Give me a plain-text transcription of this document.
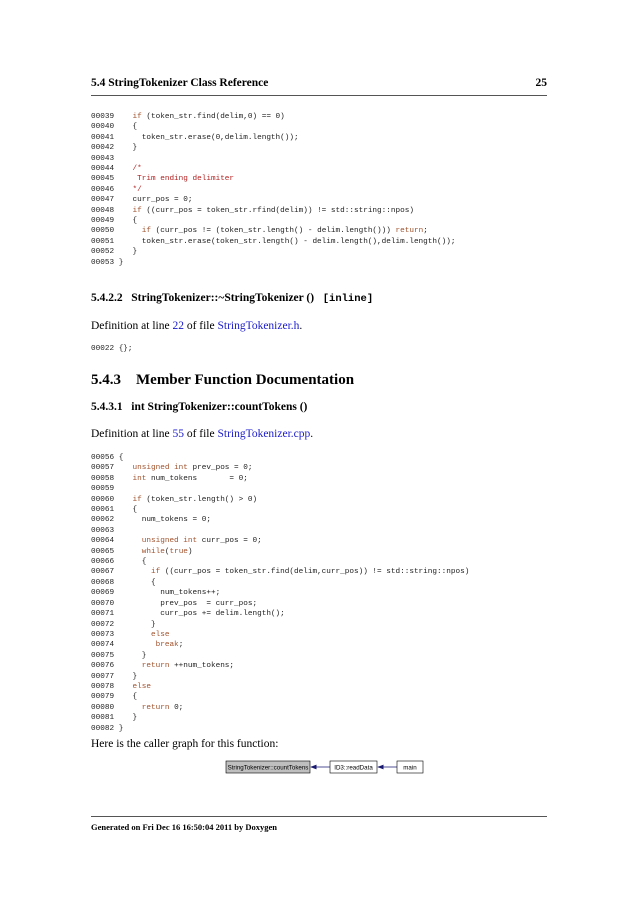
5.4 StringTokenizer Class Reference	25
00039 if (token_str.find(delim,0) == 0)
00040    {
00041      token_str.erase(0,delim.length());
00042    }
00043
00044 /*
00045	Trim ending delimiter
00046 */
00047    curr_pos = 0;
00048 if ((curr_pos = token_str.rfind(delim)) != std::string::npos)
00049    {
00050	if (curr_pos != (token_str.length() - delim.length())) return;
00051      token_str.erase(token_str.length() - delim.length(),delim.length());
00052    }
00053 }
5.4.2.2 StringTokenizer::~StringTokenizer () [inline]
Definition at line 22 of file StringTokenizer.h.
00022 {};
5.4.3 Member Function Documentation
5.4.3.1 int StringTokenizer::countTokens ()
Definition at line 55 of file StringTokenizer.cpp.
00056 {
00057 unsigned int prev_pos = 0;
00058 int num_tokens       = 0;
00059
00060 if (token_str.length() > 0)
00061    {
00062      num_tokens = 0;
00063
00064	unsigned int curr_pos = 0;
00065	while(true)
00066      {
00067	if ((curr_pos = token_str.find(delim,curr_pos)) != std::string::npos)
00068        {
00069          num_tokens++;
00070          prev_pos  = curr_pos;
00071          curr_pos += delim.length();
00072        }
00073	else
00074	break;
00075      }
00076	return ++num_tokens;
00077    }
00078 else
00079    {
00080	return 0;
00081    }
00082 }
Here is the caller graph for this function:
StringTokenizer::countTokens	ID3::readData	main
Generated on Fri Dec 16 16:50:04 2011 by Doxygen
